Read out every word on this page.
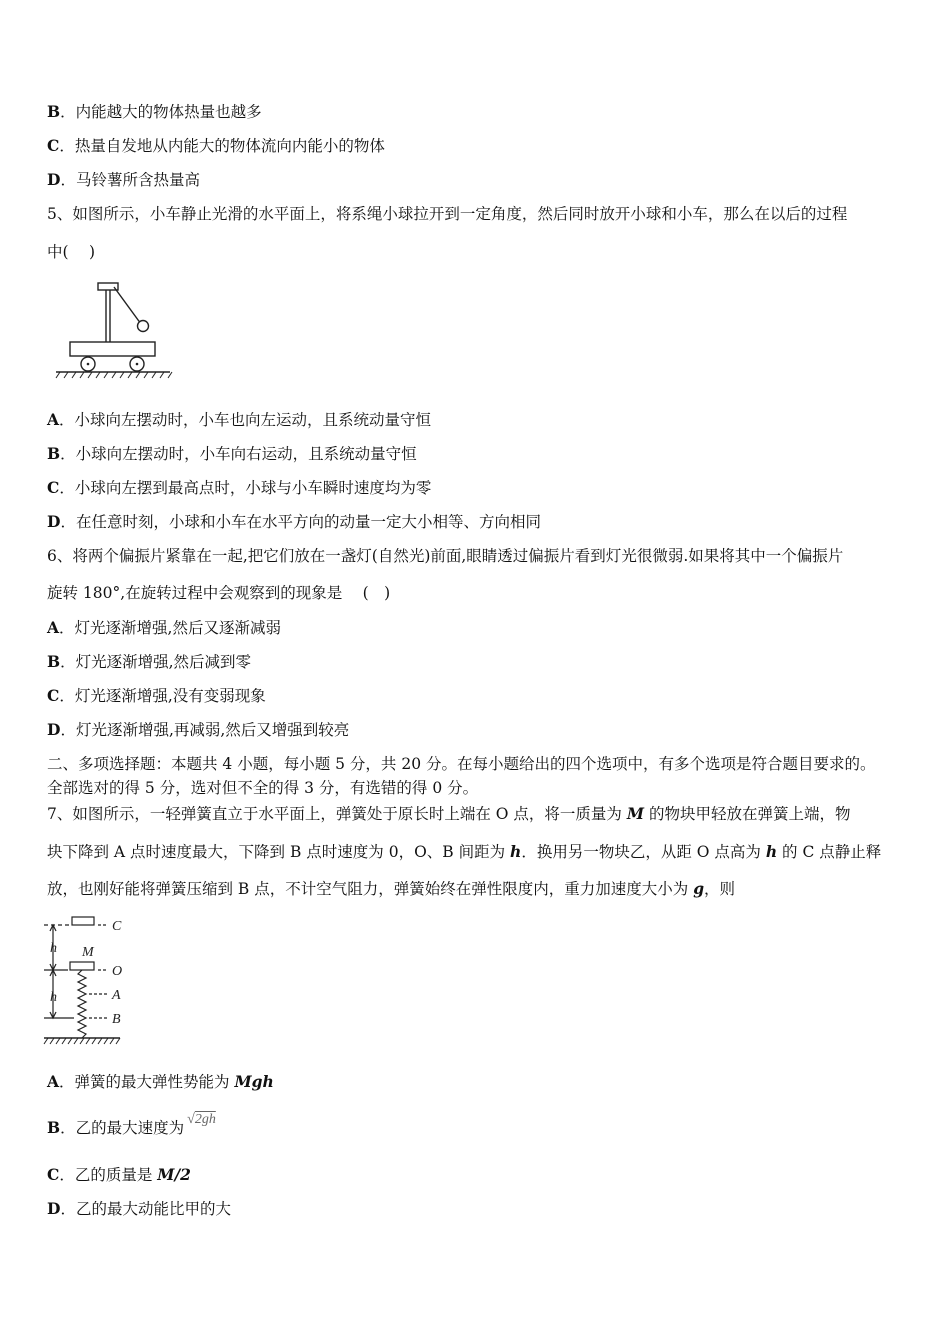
B．内能越大的物体热量也越多
C．热量自发地从内能大的物体流向内能小的物体
D．马铃薯所含热量高
5、如图所示，小车静止光滑的水平面上，将系绳小球拉开到一定角度，然后同时放开小球和小车，那么在以后的过程
中(　 )
A．小球向左摆动时，小车也向左运动，且系统动量守恒
B．小球向左摆动时，小车向右运动，且系统动量守恒
C．小球向左摆到最高点时，小球与小车瞬时速度均为零
D．在任意时刻，小球和小车在水平方向的动量一定大小相等、方向相同
6、将两个偏振片紧靠在一起,把它们放在一盏灯(自然光)前面,眼睛透过偏振片看到灯光很微弱.如果将其中一个偏振片
旋转 180°,在旋转过程中会观察到的现象是　 (　)
A．灯光逐渐增强,然后又逐渐减弱
B．灯光逐渐增强,然后减到零
C．灯光逐渐增强,没有变弱现象
D．灯光逐渐增强,再减弱,然后又增强到较亮
二、多项选择题：本题共 4 小题，每小题 5 分，共 20 分。在每小题给出的四个选项中，有多个选项是符合题目要求的。
全部选对的得 5 分，选对但不全的得 3 分，有选错的得 0 分。
7、如图所示，一轻弹簧直立于水平面上，弹簧处于原长时上端在 O 点，将一质量为 M 的物块甲轻放在弹簧上端，物
块下降到 A 点时速度最大，下降到 B 点时速度为 0，O、B 间距为 h．换用另一物块乙，从距 O 点高为 h 的 C 点静止释
放，也刚好能将弹簧压缩到 B 点，不计空气阻力，弹簧始终在弹性限度内，重力加速度大小为 g，则
C
M
O
A
B
h
h
A．弹簧的最大弹性势能为 Mgh
B．乙的最大速度为 √2gh
C．乙的质量是 M/2
D．乙的最大动能比甲的大
